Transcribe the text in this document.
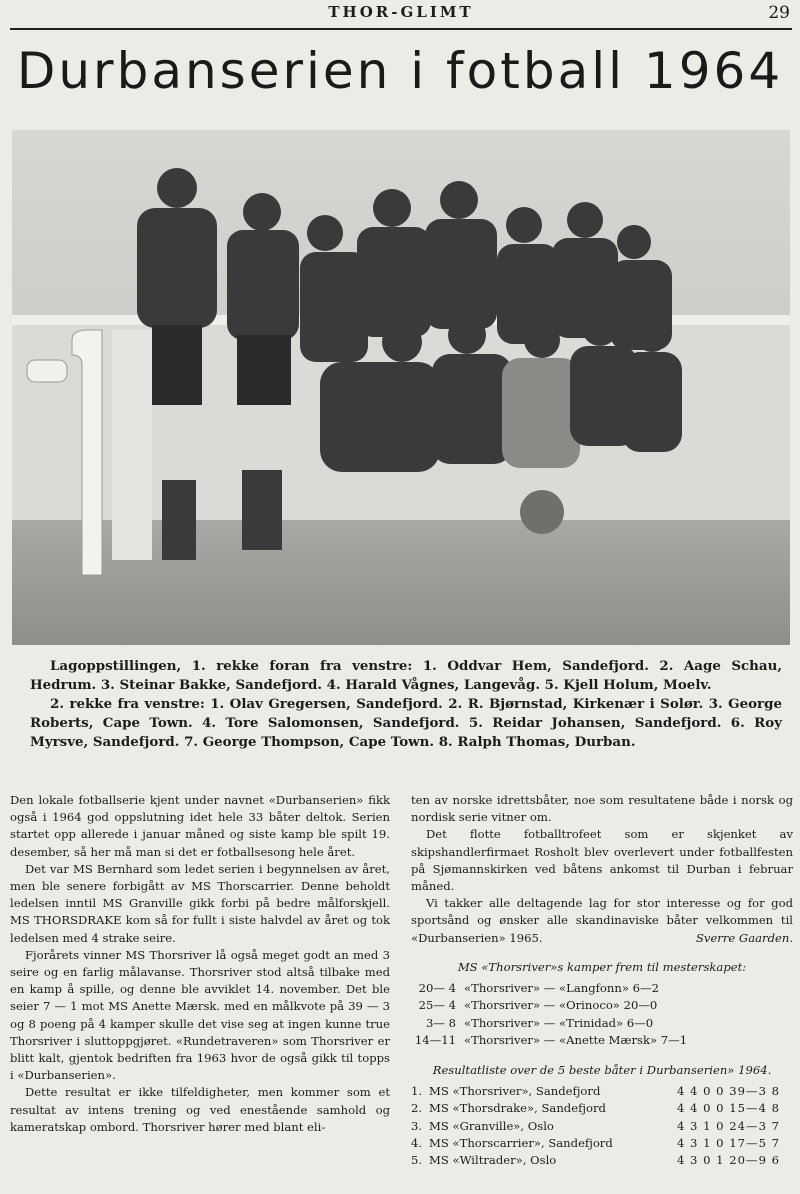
THOR-GLIMT	29
Durbanserien i fotball 1964

Lagoppstillingen, 1. rekke foran fra venstre: 1. Oddvar Hem, Sandefjord. 2. Aage Schau, Hedrum. 3. Steinar Bakke, Sandefjord. 4. Harald Vågnes, Langevåg. 5. Kjell Holum, Moelv.

2. rekke fra venstre: 1. Olav Gregersen, Sandefjord. 2. R. Bjørnstad, Kirkenær i Solør. 3. George Roberts, Cape Town. 4. Tore Salomonsen, Sandefjord. 5. Reidar Johansen, Sandefjord. 6. Roy Myrsve, Sandefjord. 7. George Thompson, Cape Town. 8. Ralph Thomas, Durban.

Den lokale fotballserie kjent under navnet «Durbanserien» fikk også i 1964 god oppslutning idet hele 33 båter deltok. Serien startet opp allerede i januar måned og siste kamp ble spilt 19. desember, så her må man si det er fotballsesong hele året.

Det var MS Bernhard som ledet serien i begynnelsen av året, men ble senere forbigått av MS Thorscarrier. Denne beholdt ledelsen inntil MS Granville gikk forbi på bedre målforskjell. MS THORSDRAKE kom så for fullt i siste halvdel av året og tok ledelsen med 4 strake seire.

Fjorårets vinner MS Thorsriver lå også meget godt an med 3 seire og en farlig målavanse. Thorsriver stod altså tilbake med en kamp å spille, og denne ble avviklet 14. november. Det ble seier 7 — 1 mot MS Anette Mærsk. med en målkvote på 39 — 3 og 8 poeng på 4 kamper skulle det vise seg at ingen kunne true Thorsriver i sluttoppgjøret. «Rundetraveren» som Thorsriver er blitt kalt, gjentok bedriften fra 1963 hvor de også gikk til topps i «Durbanserien».

Dette resultat er ikke tilfeldigheter, men kommer som et resultat av intens trening og ved enestående samhold og kameratskap ombord. Thorsriver hører med blant eli-

ten av norske idrettsbåter, noe som resultatene både i norsk og nordisk serie vitner om.

Det flotte fotballtrofeet som er skjenket av skipshandlerfirmaet Rosholt blev overlevert under fotballfesten på Sjømannskirken ved båtens ankomst til Durban i februar måned.

Vi takker alle deltagende lag for stor interesse og for god sportsånd og ønsker alle skandinaviske båter velkommen til «Durbanserien» 1965.	Sverre Gaarden.

MS «Thorsriver»s kamper frem til mesterskapet:
20— 4 «Thorsriver» — «Langfonn» 6—2
25— 4 «Thorsriver» — «Orinoco» 20—0
3— 8 «Thorsriver» — «Trinidad» 6—0
14—11 «Thorsriver» — «Anette Mærsk» 7—1
Resultatliste over de 5 beste båter i Durbanserien» 1964.
1. MS «Thorsriver», Sandefjord	4 4 0 0 39—3 8
2. MS «Thorsdrake», Sandefjord	4 4 0 0 15—4 8
3. MS «Granville», Oslo	4 3 1 0 24—3 7
4. MS «Thorscarrier», Sandefjord	4 3 1 0 17—5 7
5. MS «Wiltrader», Oslo	4 3 0 1 20—9 6
